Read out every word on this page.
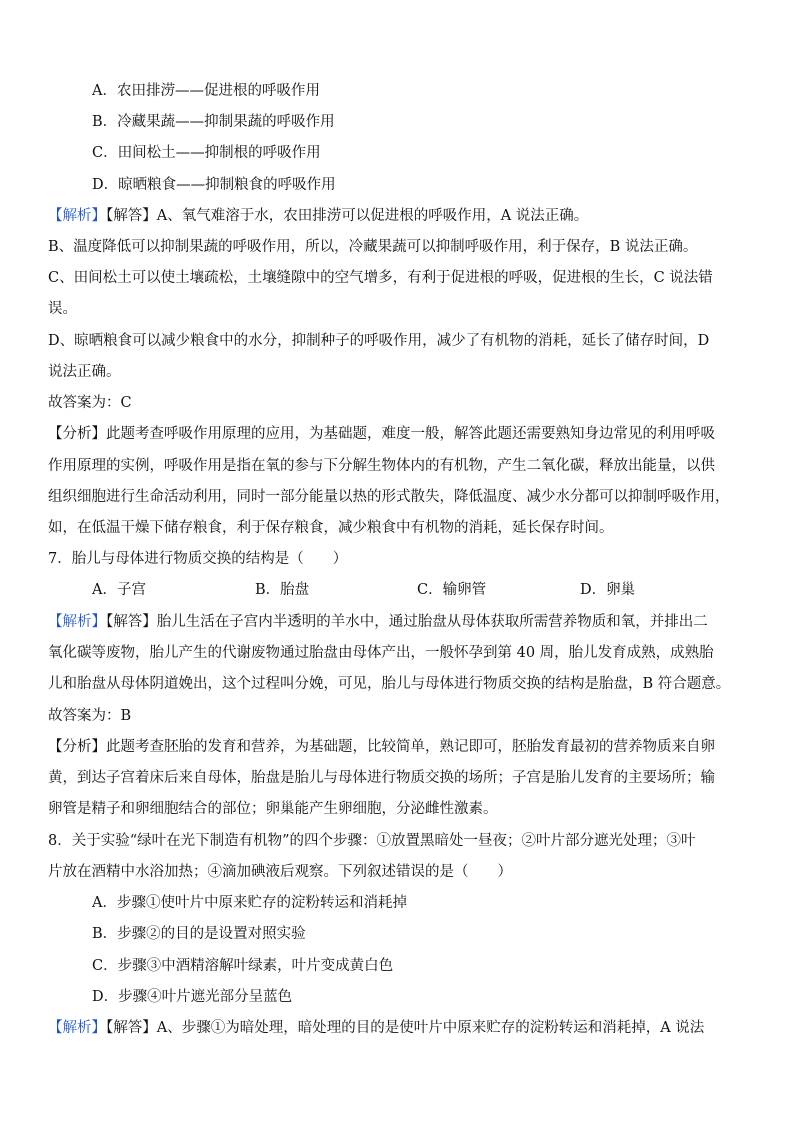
A．农田排涝——促进根的呼吸作用
B．冷藏果蔬——抑制果蔬的呼吸作用
C．田间松土——抑制根的呼吸作用
D．晾晒粮食——抑制粮食的呼吸作用
【解析】【解答】A、氧气难溶于水，农田排涝可以促进根的呼吸作用，A 说法正确。
B、温度降低可以抑制果蔬的呼吸作用，所以，冷藏果蔬可以抑制呼吸作用，利于保存，B 说法正确。
C、田间松土可以使土壤疏松，土壤缝隙中的空气增多，有利于促进根的呼吸，促进根的生长，C 说法错
误。
D、晾晒粮食可以减少粮食中的水分，抑制种子的呼吸作用，减少了有机物的消耗，延长了储存时间，D
说法正确。
故答案为：C
【分析】此题考查呼吸作用原理的应用，为基础题，难度一般，解答此题还需要熟知身边常见的利用呼吸
作用原理的实例，呼吸作用是指在氧的参与下分解生物体内的有机物，产生二氧化碳，释放出能量，以供
组织细胞进行生命活动利用，同时一部分能量以热的形式散失，降低温度、减少水分都可以抑制呼吸作用，
如，在低温干燥下储存粮食，利于保存粮食，减少粮食中有机物的消耗，延长保存时间。
7．胎儿与母体进行物质交换的结构是（　　）
A．子宫	B．胎盘	C．输卵管	D．卵巢
【解析】【解答】胎儿生活在子宫内半透明的羊水中，通过胎盘从母体获取所需营养物质和氧，并排出二
氧化碳等废物，胎儿产生的代谢废物通过胎盘由母体产出，一般怀孕到第 40 周，胎儿发育成熟，成熟胎
儿和胎盘从母体阴道娩出，这个过程叫分娩，可见，胎儿与母体进行物质交换的结构是胎盘，B 符合题意。
故答案为：B
【分析】此题考查胚胎的发育和营养，为基础题，比较简单，熟记即可，胚胎发育最初的营养物质来自卵
黄，到达子宫着床后来自母体，胎盘是胎儿与母体进行物质交换的场所；子宫是胎儿发育的主要场所；输
卵管是精子和卵细胞结合的部位；卵巢能产生卵细胞，分泌雌性激素。
8．关于实验“绿叶在光下制造有机物”的四个步骤：①放置黑暗处一昼夜；②叶片部分遮光处理；③叶
片放在酒精中水浴加热；④滴加碘液后观察。下列叙述错误的是（　　）
A．步骤①使叶片中原来贮存的淀粉转运和消耗掉
B．步骤②的目的是设置对照实验
C．步骤③中酒精溶解叶绿素，叶片变成黄白色
D．步骤④叶片遮光部分呈蓝色
【解析】【解答】A、步骤①为暗处理，暗处理的目的是使叶片中原来贮存的淀粉转运和消耗掉，A 说法
